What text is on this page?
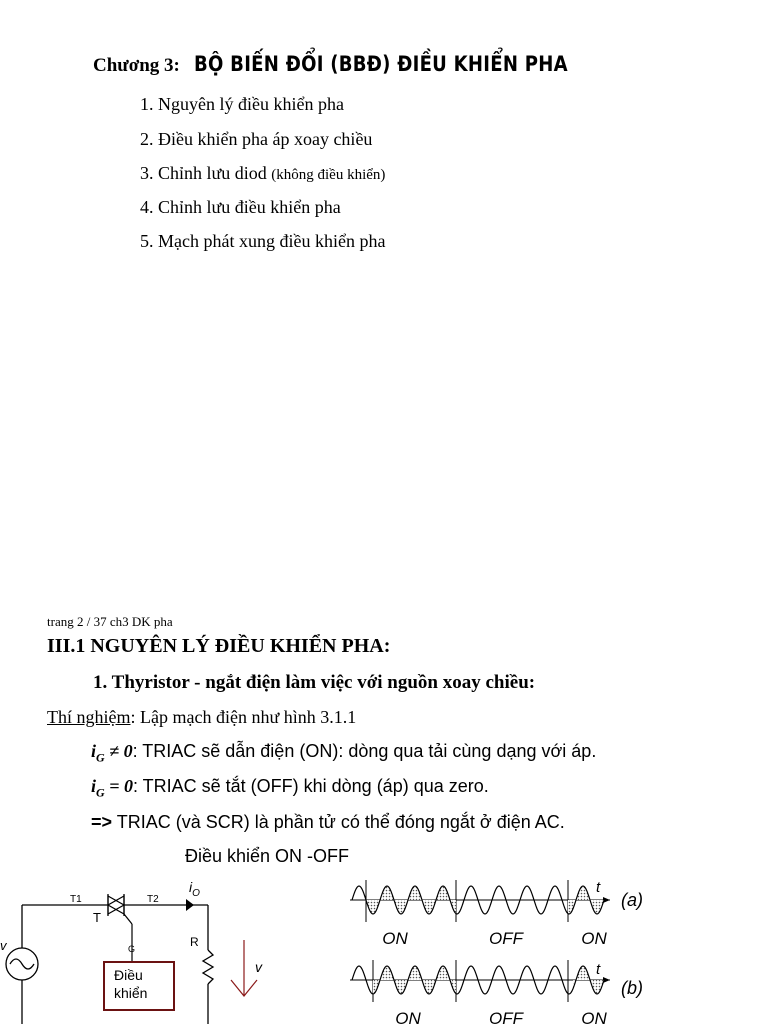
Chương 3: BỘ BIẾN ĐỔI (BBĐ) ĐIỀU KHIỂN PHA
1. Nguyên lý điều khiển pha
2. Điều khiển pha áp xoay chiều
3. Chỉnh lưu diod (không điều khiển)
4. Chỉnh lưu điều khiển pha
5. Mạch phát xung điều khiển pha
trang 2 / 37 ch3 DK pha
III.1 NGUYÊN LÝ ĐIỀU KHIỂN PHA:
1. Thyristor - ngắt điện làm việc với nguồn xoay chiều:
Thí nghiệm: Lập mạch điện như hình 3.1.1
$i_G \ne 0$: TRIAC sẽ dẫn điện (ON): dòng qua tải cùng dạng với áp.
$i_G = 0$: TRIAC sẽ tắt (OFF) khi dòng (áp) qua zero.
=> TRIAC (và SCR) là phần tử có thể đóng ngắt ở điện AC.
Điều khiển ON -OFF
v
T1	T2
T
G
$i_O$
R
v
Điều
khiển
ON	OFF	ON
t
(a)
ON	OFF	ON
t
(b)
